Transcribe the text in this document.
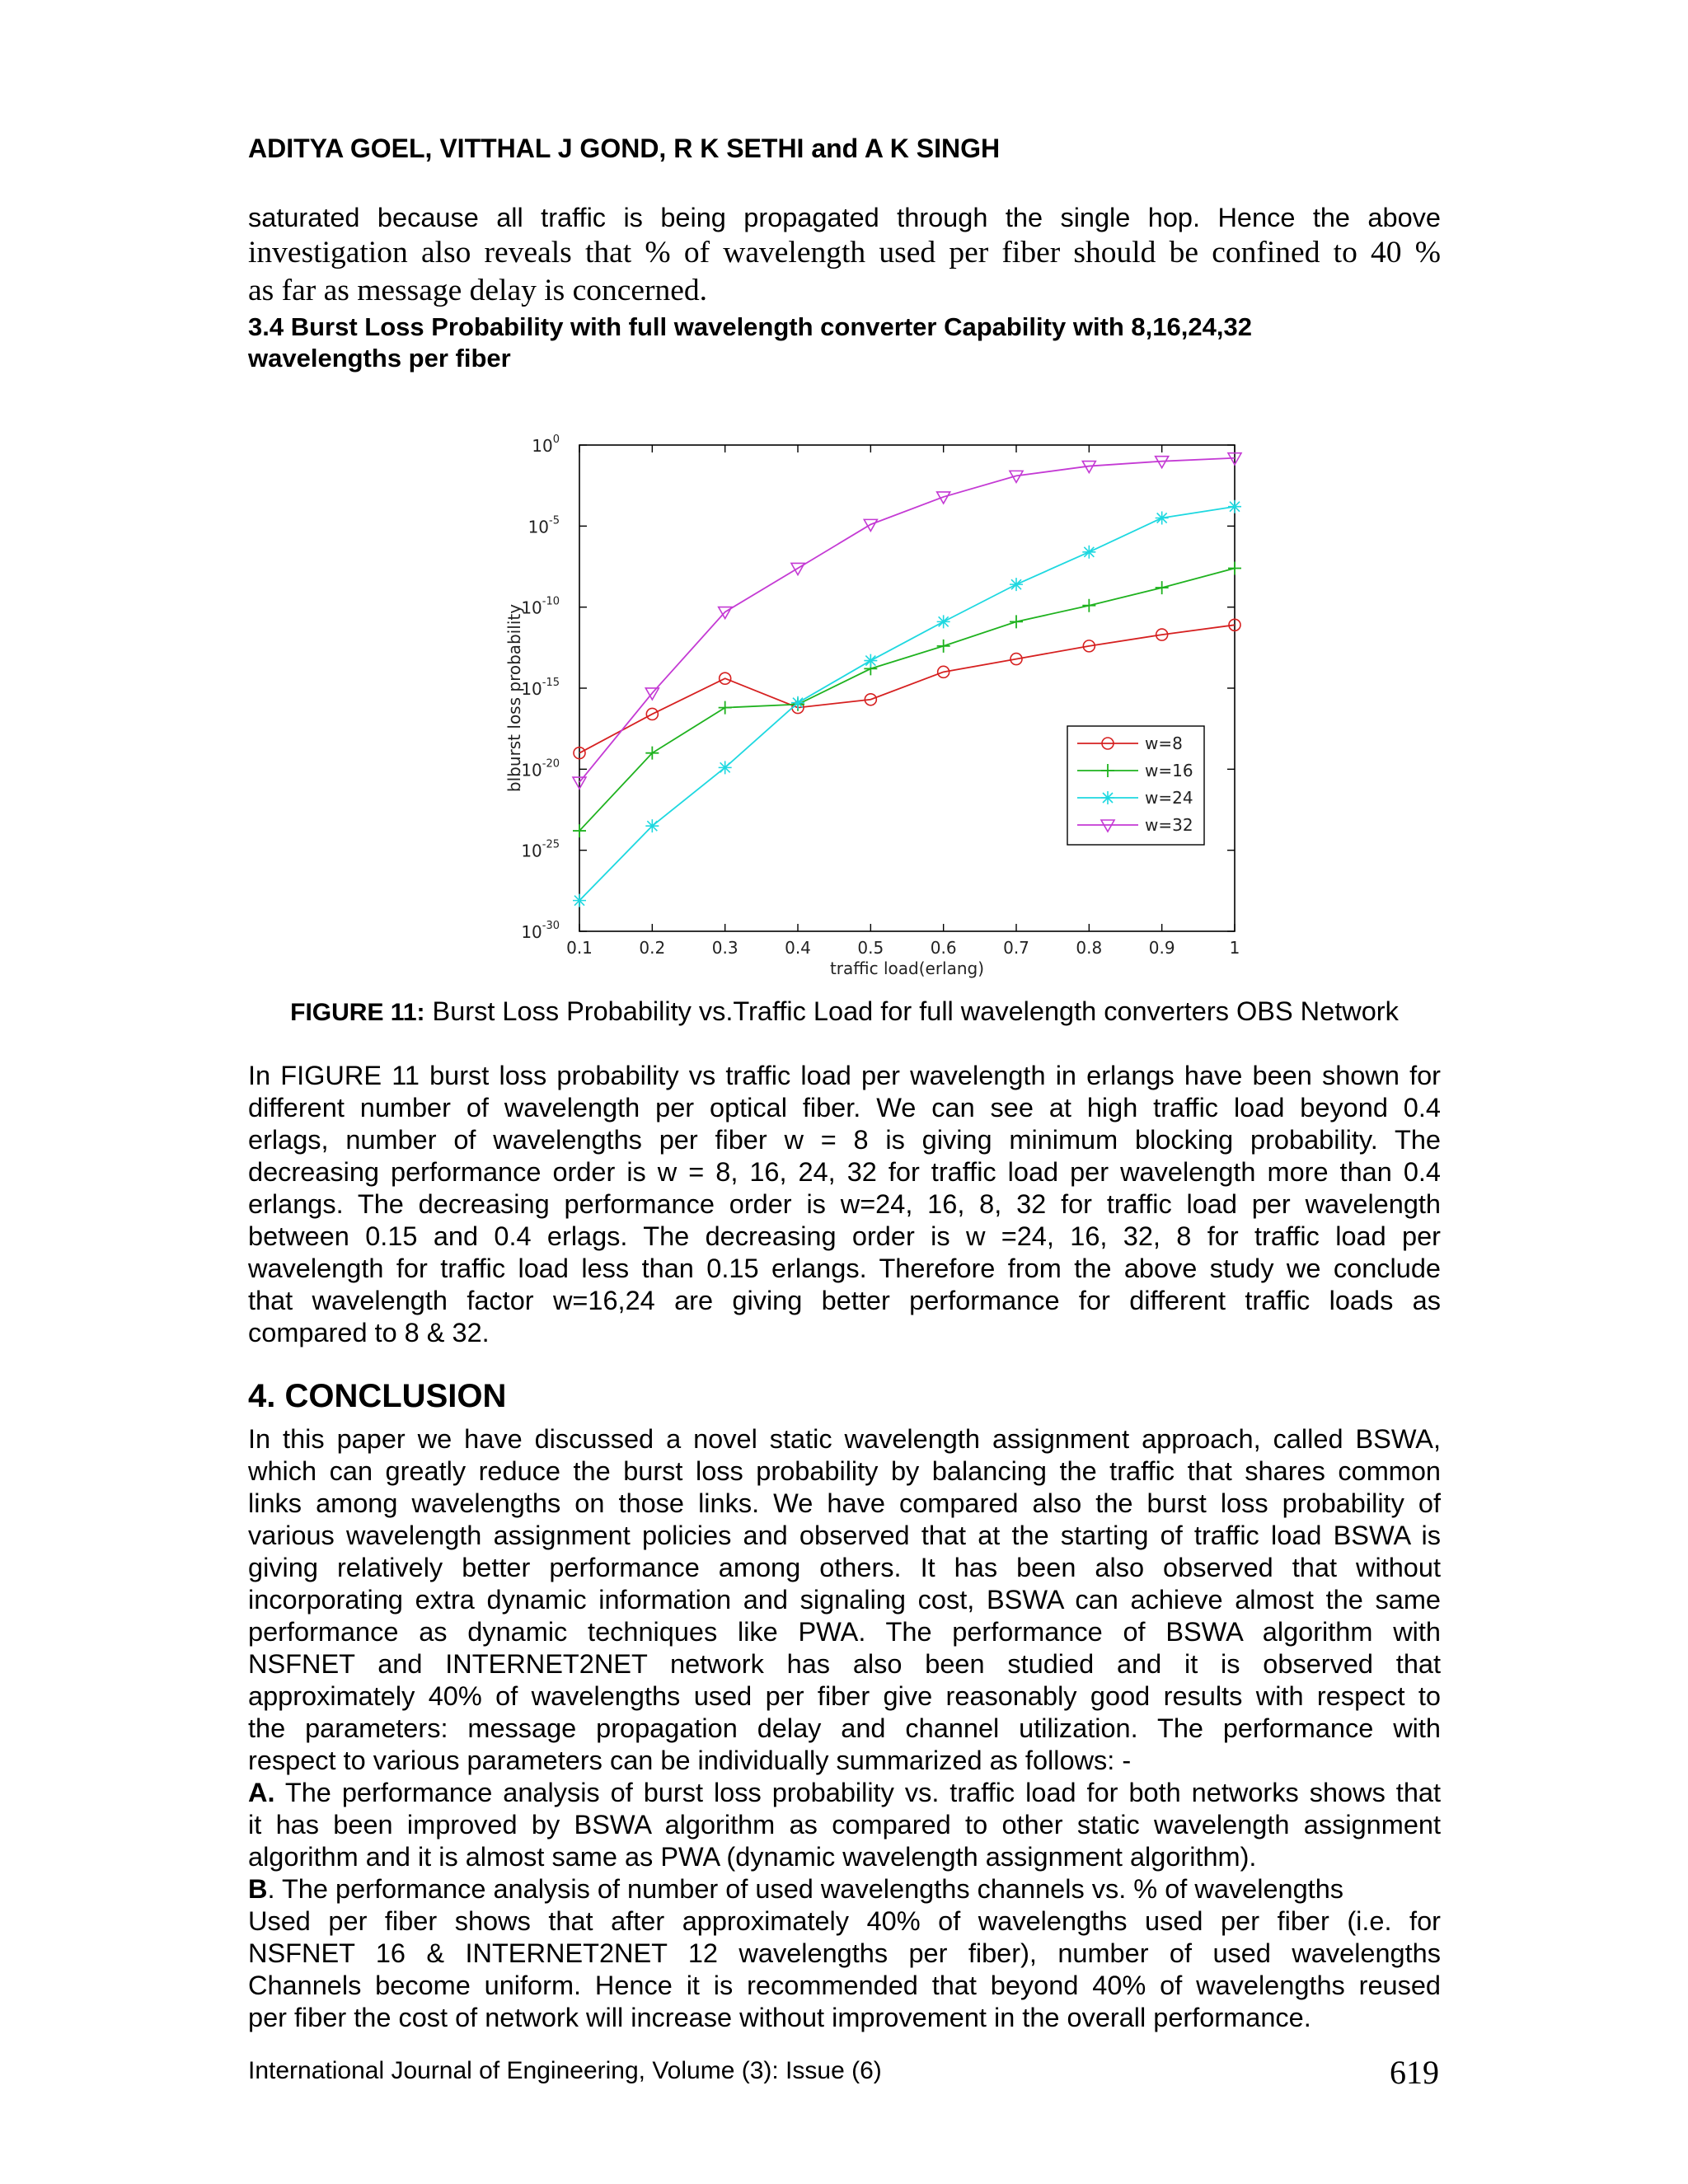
ADITYA GOEL, VITTHAL J GOND, R K SETHI and A K SINGH
saturated because all traffic is being propagated through the single hop. Hence the above
investigation also reveals that % of wavelength used per fiber should be confined to 40 %
as far as message delay is concerned.
3.4 Burst Loss Probability with full wavelength converter Capability with 8,16,24,32
wavelengths per fiber
w=8
w=16
w=24
w=32
0.1	0.2	0.3	0.4	0.5	0.6	0.7	0.8	0.9	1
$10^0$
$10^{-5}$
$10^{-10}$
$10^{-15}$
$10^{-20}$
$10^{-25}$
$10^{-30}$
traffic load(erlang)
blburst loss probability
FIGURE 11: Burst Loss Probability vs.Traffic Load for full wavelength converters OBS Network
In FIGURE 11 burst loss probability vs traffic load per wavelength in erlangs have been shown for
different number of wavelength per optical fiber. We can see at high traffic load beyond 0.4
erlags, number of wavelengths per fiber w = 8 is giving minimum blocking probability. The
decreasing performance order is w = 8, 16, 24, 32 for traffic load per wavelength more than 0.4
erlangs. The decreasing performance order is w=24, 16, 8, 32 for traffic load per wavelength
between 0.15 and 0.4 erlags. The decreasing order is w =24, 16, 32, 8 for traffic load per
wavelength for traffic load less than 0.15 erlangs. Therefore from the above study we conclude
that wavelength factor w=16,24 are giving better performance for different traffic loads as
compared to 8 & 32.
4. CONCLUSION
In this paper we have discussed a novel static wavelength assignment approach, called BSWA,
which can greatly reduce the burst loss probability by balancing the traffic that shares common
links among wavelengths on those links. We have compared also the burst loss probability of
various wavelength assignment policies and observed that at the starting of traffic load BSWA is
giving relatively better performance among others. It has been also observed that without
incorporating extra dynamic information and signaling cost, BSWA can achieve almost the same
performance as dynamic techniques like PWA. The performance of BSWA algorithm with
NSFNET and INTERNET2NET network has also been studied and it is observed that
approximately 40% of wavelengths used per fiber give reasonably good results with respect to
the parameters: message propagation delay and channel utilization. The performance with
respect to various parameters can be individually summarized as follows: -
A. The performance analysis of burst loss probability vs. traffic load for both networks shows that
it has been improved by BSWA algorithm as compared to other static wavelength assignment
algorithm and it is almost same as PWA (dynamic wavelength assignment algorithm).
B. The performance analysis of number of used wavelengths channels vs. % of wavelengths
Used per fiber shows that after approximately 40% of wavelengths used per fiber (i.e. for
NSFNET 16 & INTERNET2NET 12 wavelengths per fiber), number of used wavelengths
Channels become uniform. Hence it is recommended that beyond 40% of wavelengths reused
per fiber the cost of network will increase without improvement in the overall performance.
International Journal of Engineering, Volume (3): Issue (6)	619
